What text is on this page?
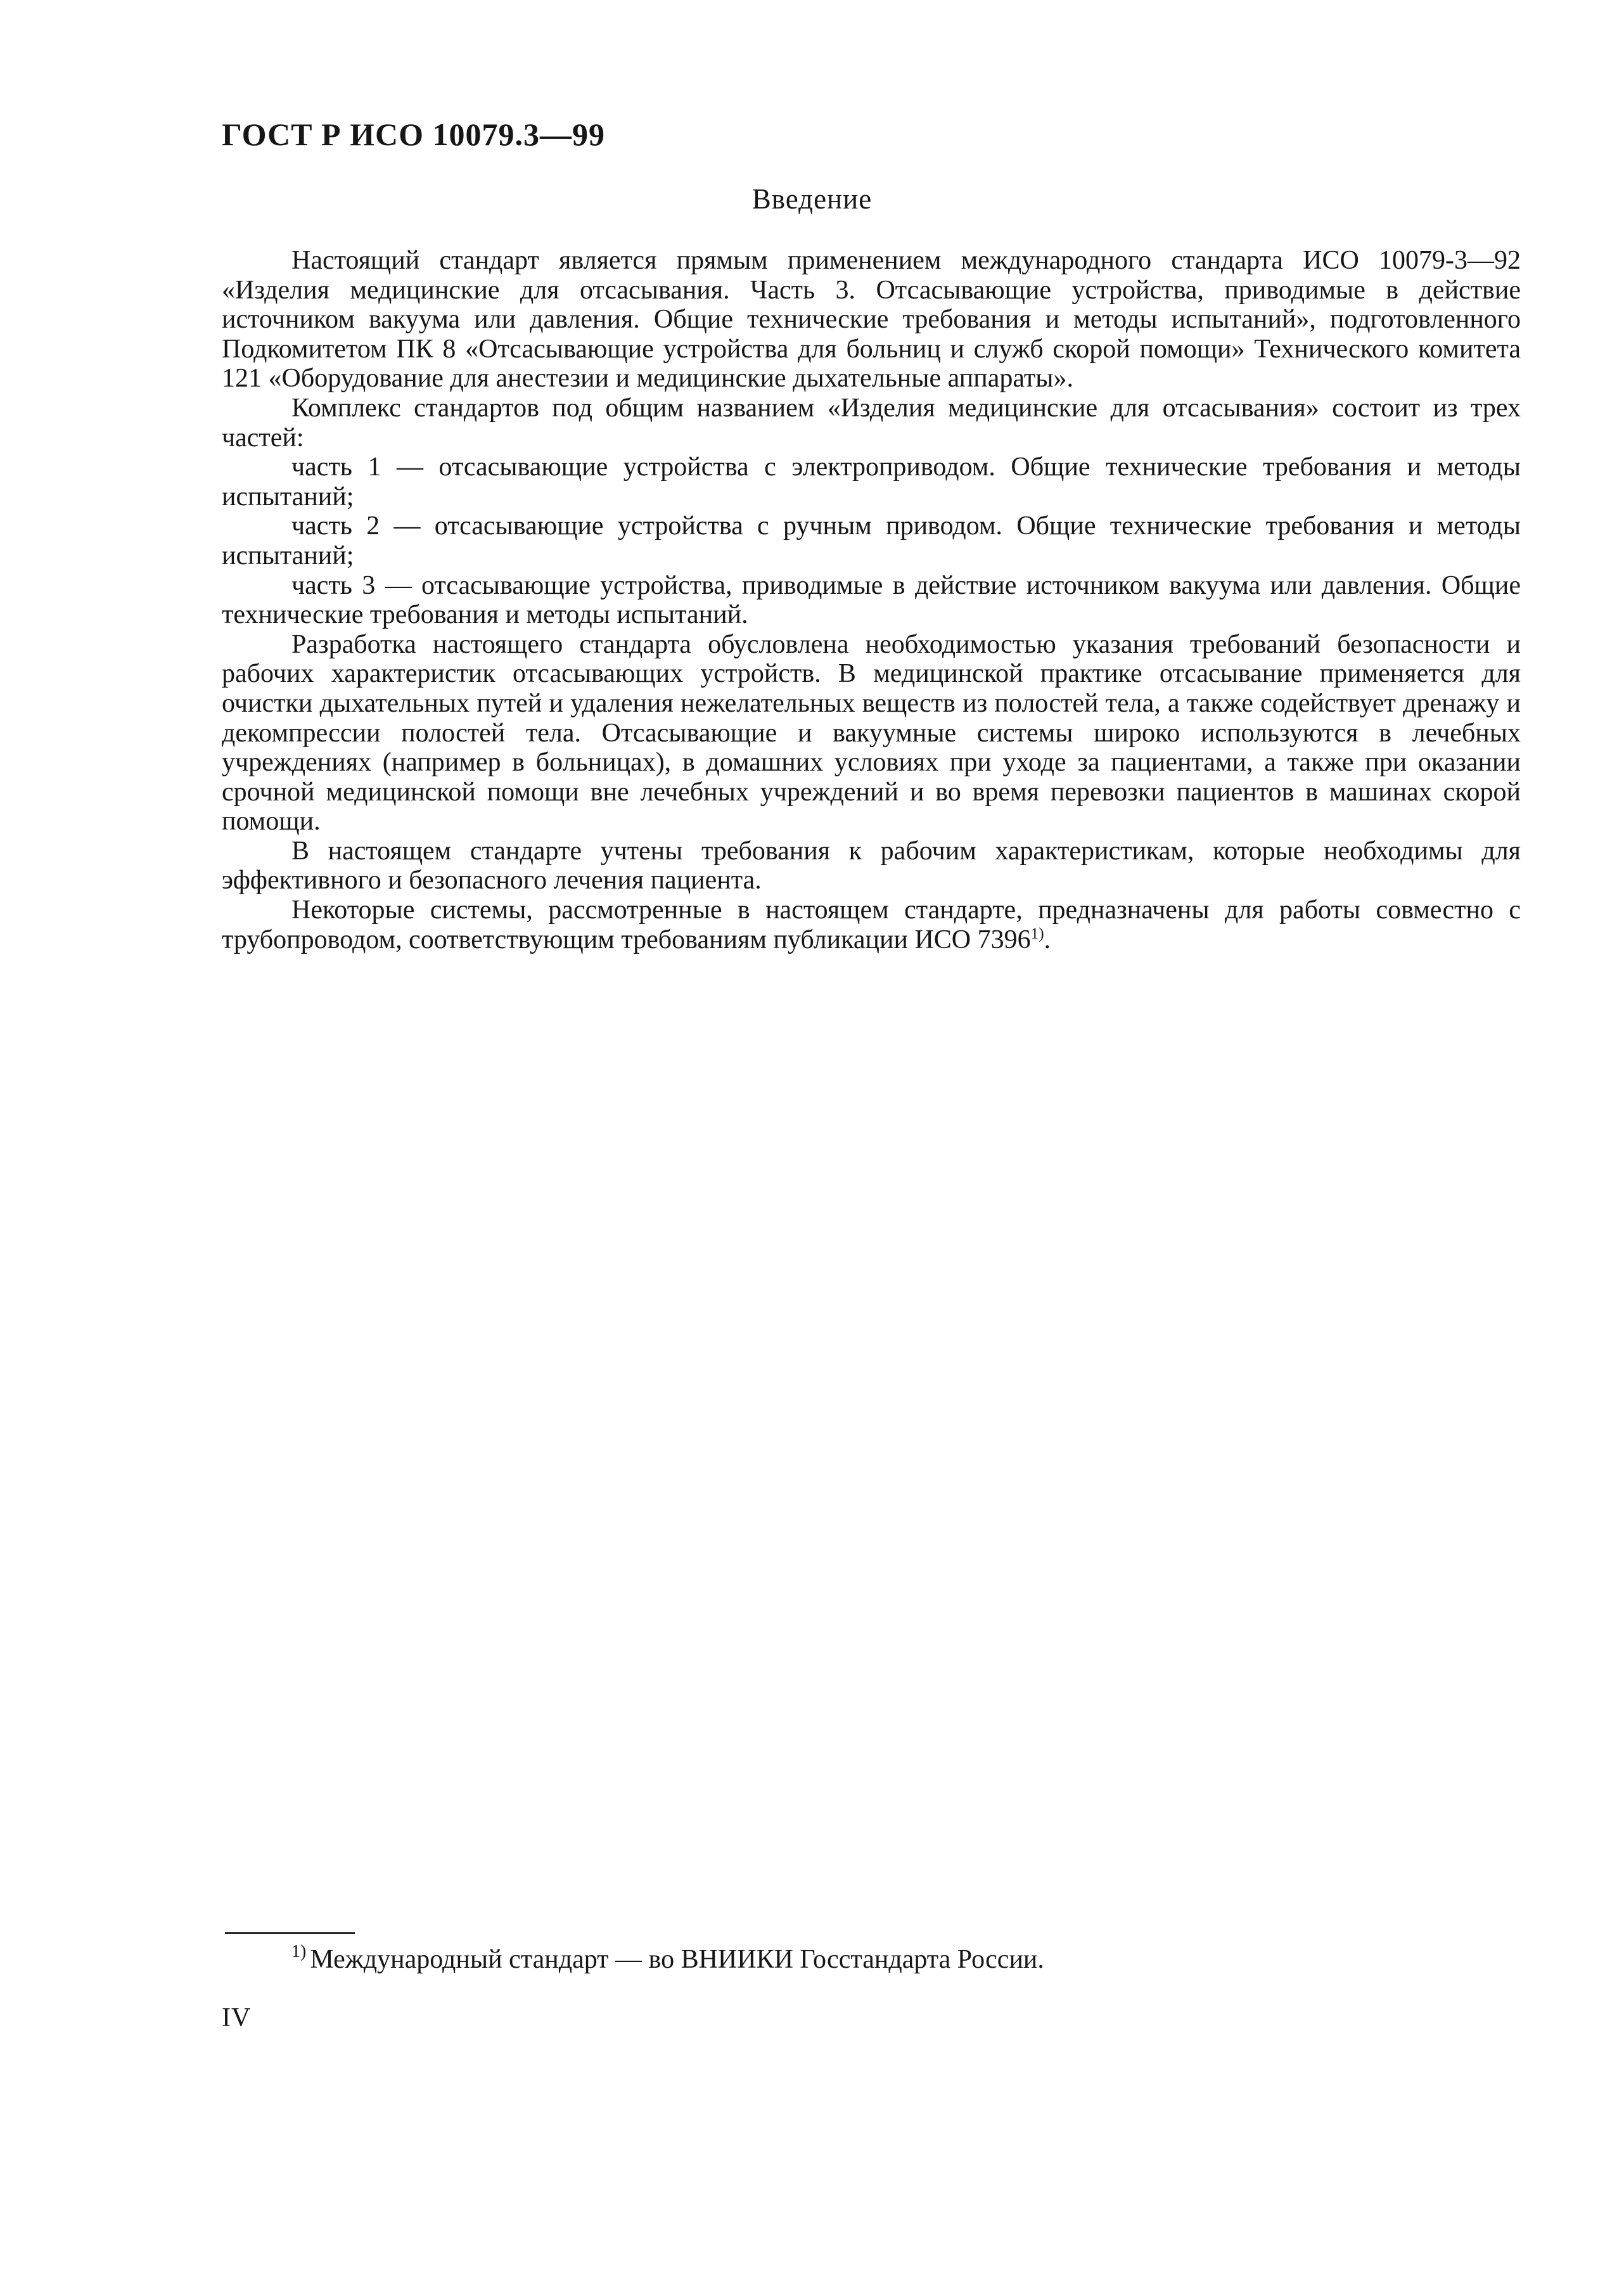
ГОСТ Р ИСО 10079.3—99
Введение

Настоящий стандарт является прямым применением международного стандарта ИСО 10079-3—92 «Изделия медицинские для отсасывания. Часть 3. Отсасывающие устройства, приводимые в действие источником вакуума или давления. Общие технические требования и методы испытаний», подготовленного Подкомитетом ПК 8 «Отсасывающие устройства для больниц и служб скорой помощи» Технического комитета 121 «Оборудование для анестезии и медицинские дыхательные аппараты».

Комплекс стандартов под общим названием «Изделия медицинские для отсасывания» состоит из трех частей:

часть 1 — отсасывающие устройства с электроприводом. Общие технические требования и методы испытаний;

часть 2 — отсасывающие устройства с ручным приводом. Общие технические требования и методы испытаний;

часть 3 — отсасывающие устройства, приводимые в действие источником вакуума или давления. Общие технические требования и методы испытаний.

Разработка настоящего стандарта обусловлена необходимостью указания требований безопасности и рабочих характеристик отсасывающих устройств. В медицинской практике отсасывание применяется для очистки дыхательных путей и удаления нежелательных веществ из полостей тела, а также содействует дренажу и декомпрессии полостей тела. Отсасывающие и вакуумные системы широко используются в лечебных учреждениях (например в больницах), в домашних условиях при уходе за пациентами, а также при оказании срочной медицинской помощи вне лечебных учреждений и во время перевозки пациентов в машинах скорой помощи.

В настоящем стандарте учтены требования к рабочим характеристикам, которые необходимы для эффективного и безопасного лечения пациента.

Некоторые системы, рассмотренные в настоящем стандарте, предназначены для работы совместно с трубопроводом, соответствующим требованиям публикации ИСО 7396$^{1)}$.

$^{1)}$ Международный стандарт — во ВНИИКИ Госстандарта России.
IV
